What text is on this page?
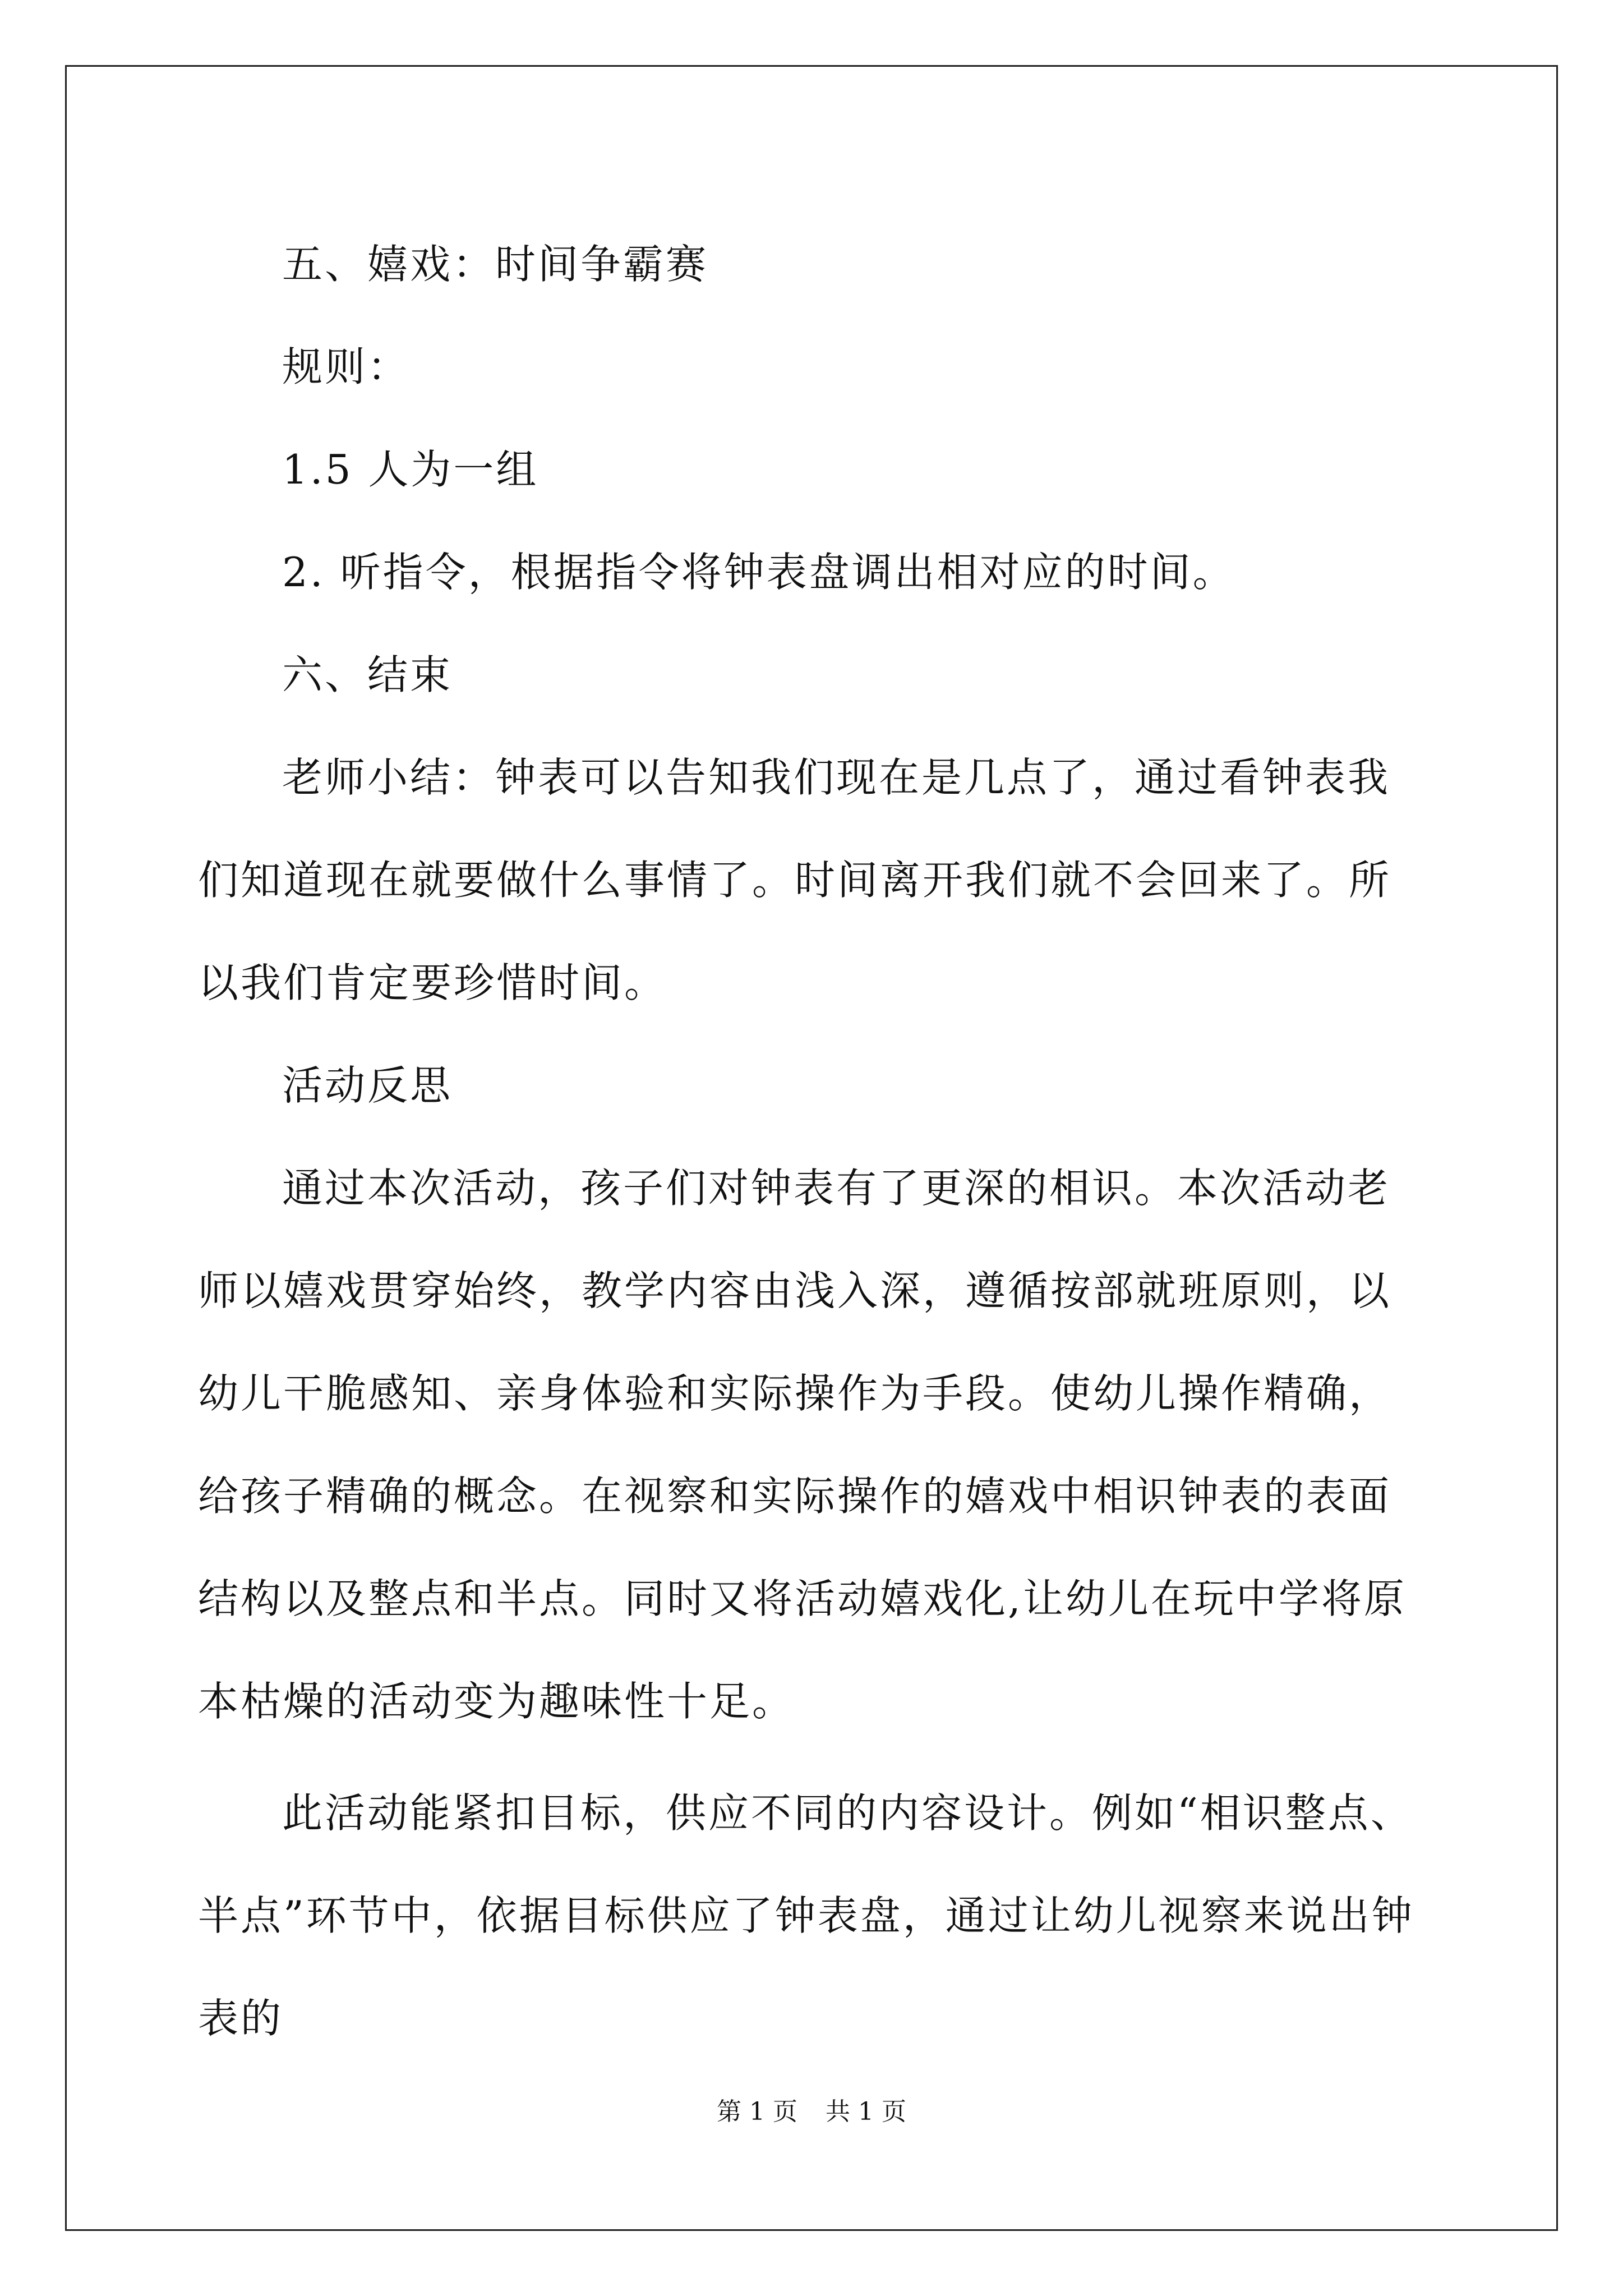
五、嬉戏：时间争霸赛

规则：

1.5 人为一组

2. 听指令，根据指令将钟表盘调出相对应的时间。

六、结束

老师小结：钟表可以告知我们现在是几点了，通过看钟表我们知道现在就要做什么事情了。时间离开我们就不会回来了。所以我们肯定要珍惜时间。

活动反思

通过本次活动，孩子们对钟表有了更深的相识。本次活动老师以嬉戏贯穿始终，教学内容由浅入深，遵循按部就班原则，以幼儿干脆感知、亲身体验和实际操作为手段。使幼儿操作精确，给孩子精确的概念。在视察和实际操作的嬉戏中相识钟表的表面结构以及整点和半点。同时又将活动嬉戏化,让幼儿在玩中学将原本枯燥的活动变为趣味性十足。

此活动能紧扣目标，供应不同的内容设计。例如“相识整点、半点”环节中，依据目标供应了钟表盘，通过让幼儿视察来说出钟表的

第 1 页 共 1 页
